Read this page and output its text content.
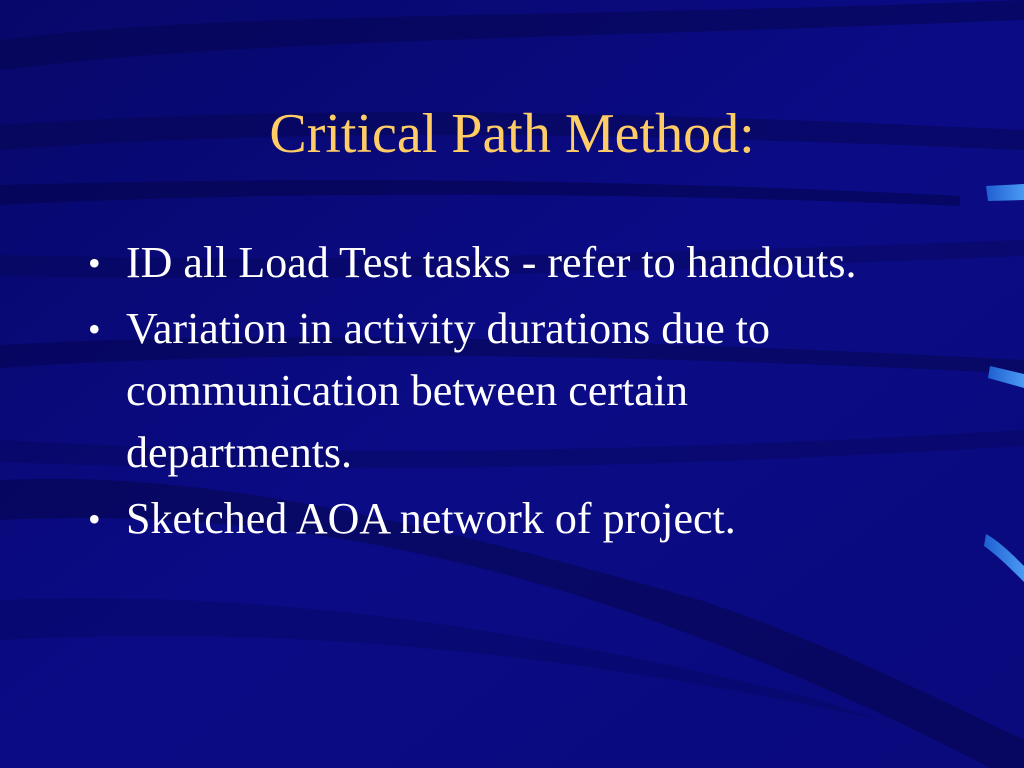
Critical Path Method:
• ID all Load Test tasks - refer to handouts.
• Variation in activity durations due to communication between certain departments.
• Sketched AOA network of project.
